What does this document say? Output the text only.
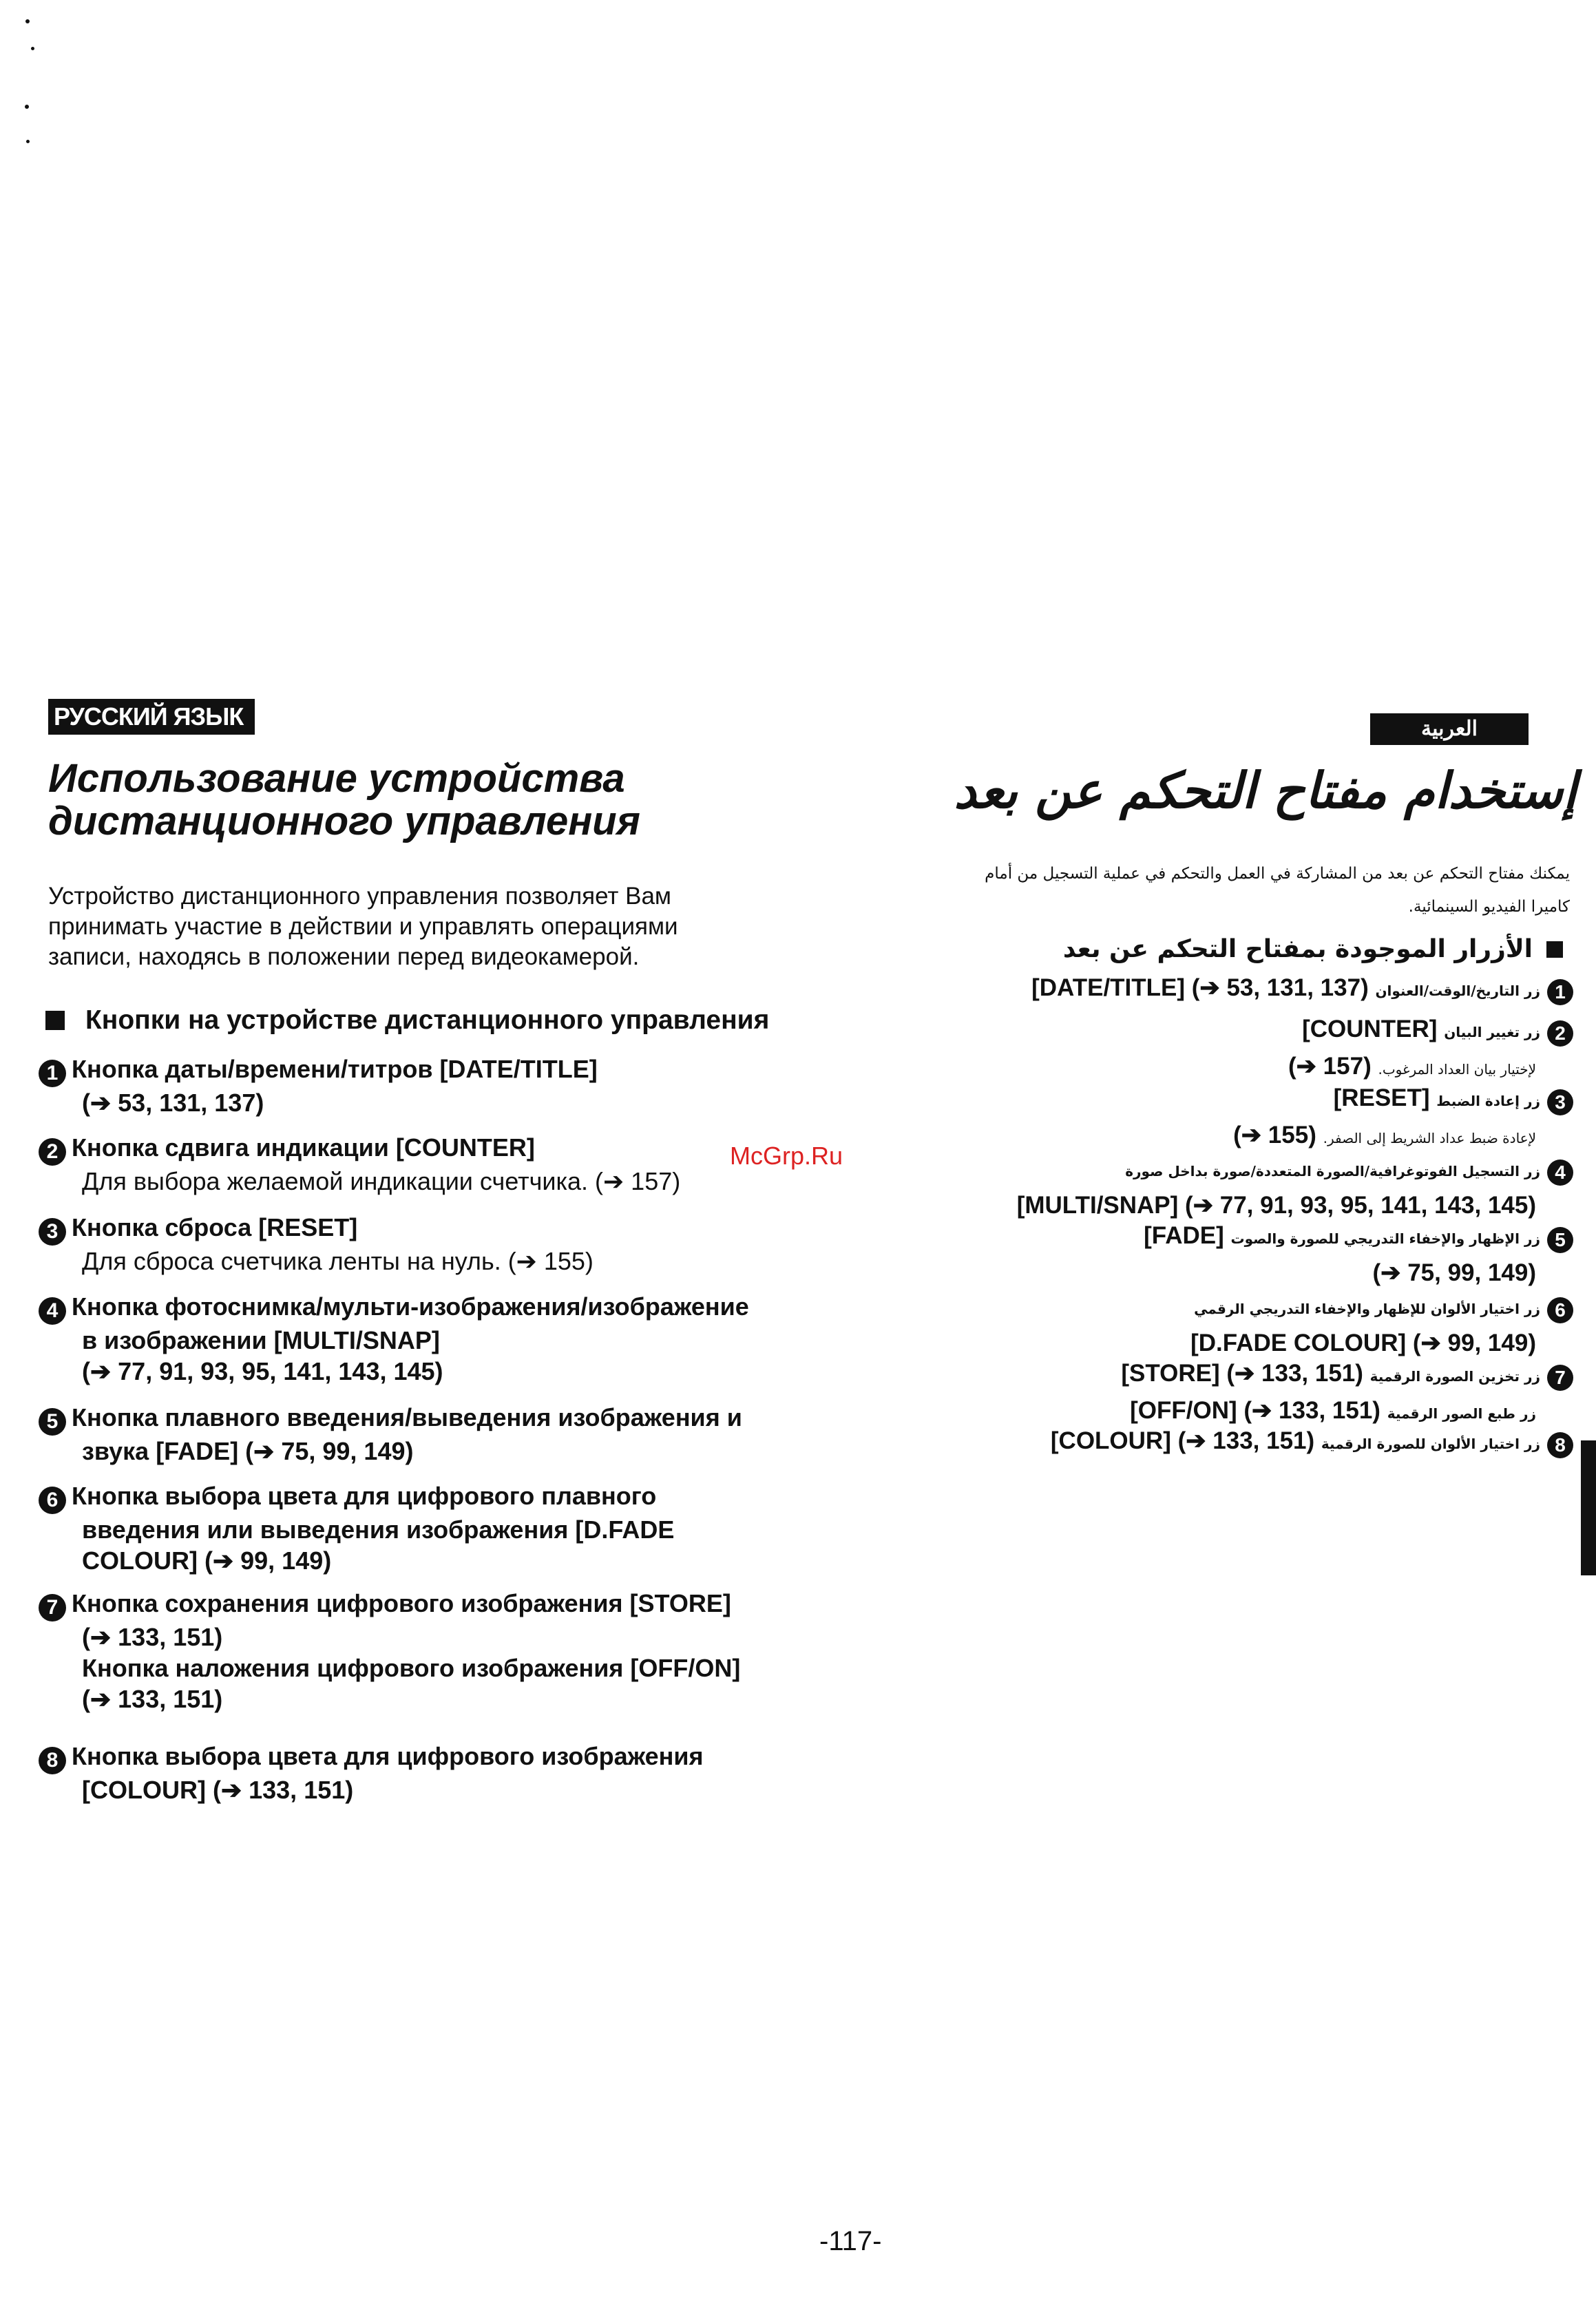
РУССКИЙ ЯЗЫК
Использование устройства
дистанционного управления
Устройство дистанционного управления позволяет Вам
принимать участие в действии и управлять операциями
записи, находясь в положении перед видеокамерой.
Кнопки на устройстве дистанционного управления
1 Кнопка даты/времени/титров [DATE/TITLE]
(➔ 53, 131, 137)
2 Кнопка сдвига индикации [COUNTER]
Для выбора желаемой индикации счетчика. (➔ 157)
3 Кнопка сброса [RESET]
Для сброса счетчика ленты на нуль. (➔ 155)
4 Кнопка фотоснимка/мульти-изображения/изображение
в изображении [MULTI/SNAP]
(➔ 77, 91, 93, 95, 141, 143, 145)
5 Кнопка плавного введения/выведения изображения и
звука [FADE] (➔ 75, 99, 149)
6 Кнопка выбора цвета для цифрового плавного
введения или выведения изображения [D.FADE
COLOUR] (➔ 99, 149)
7 Кнопка сохранения цифрового изображения [STORE]
(➔ 133, 151)
Кнопка наложения цифрового изображения [OFF/ON]
(➔ 133, 151)
8 Кнопка выбора цвета для цифрового изображения
[COLOUR] (➔ 133, 151)
العربية
إستخدام مفتاح التحكم عن بعد
يمكنك مفتاح التحكم عن بعد من المشاركة في العمل والتحكم في عملية التسجيل من أمام
كاميرا الفيديو السينمائية.
الأزرار الموجودة بمفتاح التحكم عن بعد
1زر التاريخ/الوقت/العنوان [DATE/TITLE] (➔ 53, 131, 137)
2زر تغيير البيان [COUNTER]
لإختيار بيان العداد المرغوب. (➔ 157)
3زر إعادة الضبط [RESET]
لإعادة ضبط عداد الشريط إلى الصفر. (➔ 155)
4زر التسجيل الفوتوغرافية/الصورة المتعددة/صورة بداخل صورة
[MULTI/SNAP] (➔ 77, 91, 93, 95, 141, 143, 145)
5زر الإظهار والإخفاء التدريجي للصورة والصوت [FADE]
(➔ 75, 99, 149)
6زر اختيار الألوان للإظهار والإخفاء التدريجي الرقمي
[D.FADE COLOUR] (➔ 99, 149)
7زر تخزين الصورة الرقمية [STORE] (➔ 133, 151)
زر طبع الصور الرقمية [OFF/ON] (➔ 133, 151)
8زر اختيار الألوان للصورة الرقمية [COLOUR] (➔ 133, 151)
McGrp.Ru
-117-
